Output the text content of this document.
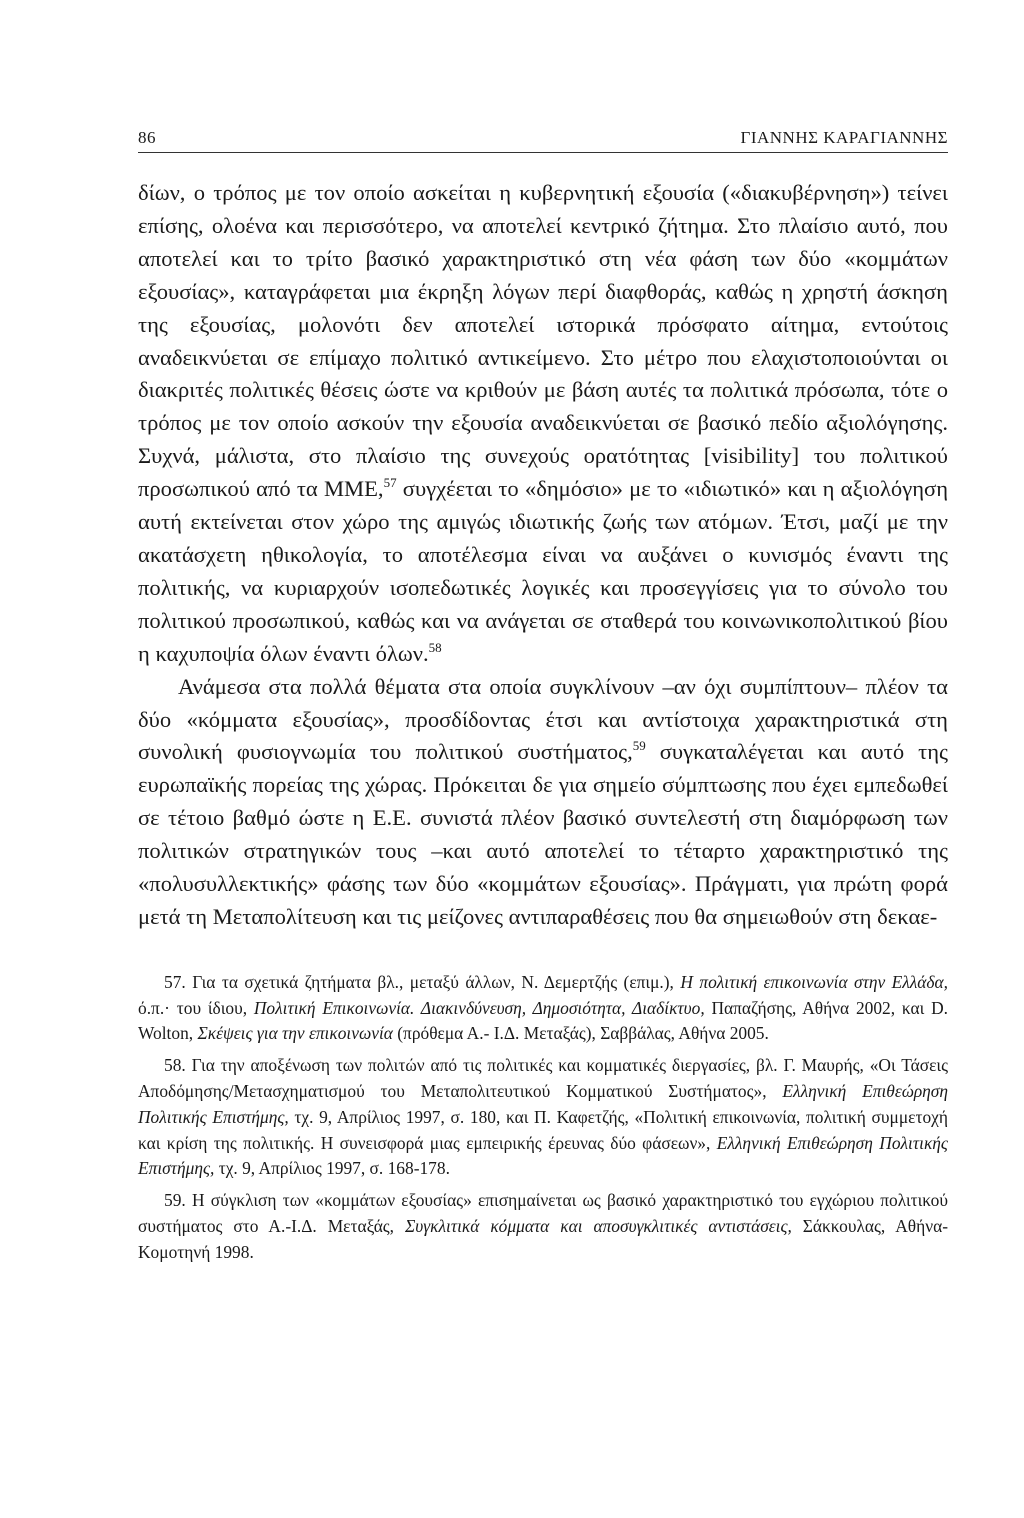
86	ΓΙΑΝΝΗΣ ΚΑΡΑΓΙΑΝΝΗΣ

δίων, ο τρόπος με τον οποίο ασκείται η κυβερνητική εξουσία («διακυβέρνηση») τείνει επίσης, ολοένα και περισσότερο, να αποτελεί κεντρικό ζήτημα. Στο πλαίσιο αυτό, που αποτελεί και το τρίτο βασικό χαρακτηριστικό στη νέα φάση των δύο «κομμάτων εξουσίας», καταγράφεται μια έκρηξη λόγων περί διαφθοράς, καθώς η χρηστή άσκηση της εξουσίας, μολονότι δεν αποτελεί ιστορικά πρόσφατο αίτημα, εντούτοις αναδεικνύεται σε επίμαχο πολιτικό αντικείμενο. Στο μέτρο που ελαχιστοποιούνται οι διακριτές πολιτικές θέσεις ώστε να κριθούν με βάση αυτές τα πολιτικά πρόσωπα, τότε ο τρόπος με τον οποίο ασκούν την εξουσία αναδεικνύεται σε βασικό πεδίο αξιολόγησης. Συχνά, μάλιστα, στο πλαίσιο της συνεχούς ορατότητας [visibility] του πολιτικού προσωπικού από τα ΜΜΕ,$^{57}$ συγχέεται το «δημόσιο» με το «ιδιωτικό» και η αξιολόγηση αυτή εκτείνεται στον χώρο της αμιγώς ιδιωτικής ζωής των ατόμων. Έτσι, μαζί με την ακατάσχετη ηθικολογία, το αποτέλεσμα είναι να αυξάνει ο κυνισμός έναντι της πολιτικής, να κυριαρχούν ισοπεδωτικές λογικές και προσεγγίσεις για το σύνολο του πολιτικού προσωπικού, καθώς και να ανάγεται σε σταθερά του κοινωνικοπολιτικού βίου η καχυποψία όλων έναντι όλων.$^{58}$

Ανάμεσα στα πολλά θέματα στα οποία συγκλίνουν –αν όχι συμπίπτουν– πλέον τα δύο «κόμματα εξουσίας», προσδίδοντας έτσι και αντίστοιχα χαρακτηριστικά στη συνολική φυσιογνωμία του πολιτικού συστήματος,$^{59}$ συγκαταλέγεται και αυτό της ευρωπαϊκής πορείας της χώρας. Πρόκειται δε για σημείο σύμπτωσης που έχει εμπεδωθεί σε τέτοιο βαθμό ώστε η Ε.Ε. συνιστά πλέον βασικό συντελεστή στη διαμόρφωση των πολιτικών στρατηγικών τους –και αυτό αποτελεί το τέταρτο χαρακτηριστικό της «πολυσυλλεκτικής» φάσης των δύο «κομμάτων εξουσίας». Πράγματι, για πρώτη φορά μετά τη Μεταπολίτευση και τις μείζονες αντιπαραθέσεις που θα σημειωθούν στη δεκαε-

57. Για τα σχετικά ζητήματα βλ., μεταξύ άλλων, Ν. Δεμερτζής (επιμ.), Η πολιτική επικοινωνία στην Ελλάδα, ό.π.· του ίδιου, Πολιτική Επικοινωνία. Διακινδύνευση, Δημοσιότητα, Διαδίκτυο, Παπαζήσης, Αθήνα 2002, και D. Wolton, Σκέψεις για την επικοινωνία (πρόθεμα Α.- Ι.Δ. Μεταξάς), Σαββάλας, Αθήνα 2005.

58. Για την αποξένωση των πολιτών από τις πολιτικές και κομματικές διεργασίες, βλ. Γ. Μαυρής, «Οι Τάσεις Αποδόμησης/Μετασχηματισμού του Μεταπολιτευτικού Κομματικού Συστήματος», Ελληνική Επιθεώρηση Πολιτικής Επιστήμης, τχ. 9, Απρίλιος 1997, σ. 180, και Π. Καφετζής, «Πολιτική επικοινωνία, πολιτική συμμετοχή και κρίση της πολιτικής. Η συνεισφορά μιας εμπειρικής έρευνας δύο φάσεων», Ελληνική Επιθεώρηση Πολιτικής Επιστήμης, τχ. 9, Απρίλιος 1997, σ. 168-178.

59. Η σύγκλιση των «κομμάτων εξουσίας» επισημαίνεται ως βασικό χαρακτηριστικό του εγχώριου πολιτικού συστήματος στο Α.-Ι.Δ. Μεταξάς, Συγκλιτικά κόμματα και αποσυγκλιτικές αντιστάσεις, Σάκκουλας, Αθήνα-Κομοτηνή 1998.
